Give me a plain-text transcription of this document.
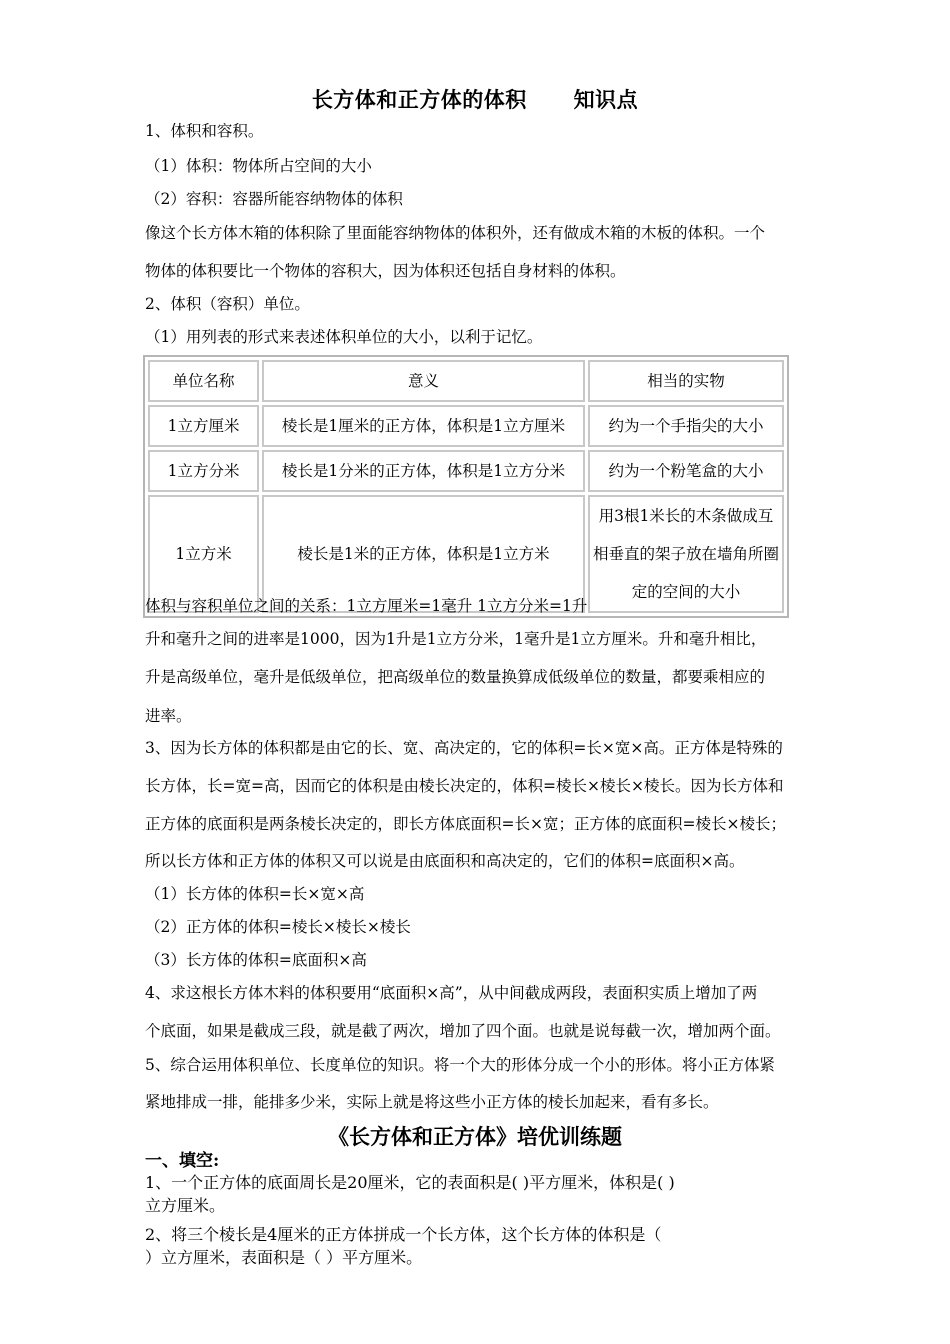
长方体和正方体的体积      知识点
1、体积和容积。
（1）体积：物体所占空间的大小
（2）容积：容器所能容纳物体的体积
像这个长方体木箱的体积除了里面能容纳物体的体积外，还有做成木箱的木板的体积。一个
物体的体积要比一个物体的容积大，因为体积还包括自身材料的体积。
2、体积（容积）单位。
（1）用列表的形式来表述体积单位的大小，以利于记忆。
单位名称	意义	相当的实物
1立方厘米	棱长是1厘米的正方体，体积是1立方厘米	约为一个手指尖的大小
1立方分米	棱长是1分米的正方体，体积是1立方分米	约为一个粉笔盒的大小
1立方米	棱长是1米的正方体，体积是1立方米	用3根1米长的木条做成互相垂直的架子放在墙角所圈定的空间的大小
体积与容积单位之间的关系：1立方厘米=1毫升 1立方分米=1升
升和毫升之间的进率是1000，因为1升是1立方分米，1毫升是1立方厘米。升和毫升相比，
升是高级单位，毫升是低级单位，把高级单位的数量换算成低级单位的数量，都要乘相应的
进率。
3、因为长方体的体积都是由它的长、宽、高决定的，它的体积=长×宽×高。正方体是特殊的
长方体，长=宽=高，因而它的体积是由棱长决定的，体积=棱长×棱长×棱长。因为长方体和
正方体的底面积是两条棱长决定的，即长方体底面积=长×宽；正方体的底面积=棱长×棱长；
所以长方体和正方体的体积又可以说是由底面积和高决定的，它们的体积=底面积×高。
（1）长方体的体积=长×宽×高
（2）正方体的体积=棱长×棱长×棱长
（3）长方体的体积=底面积×高
4、求这根长方体木料的体积要用“底面积×高”，从中间截成两段，表面积实质上增加了两
个底面，如果是截成三段，就是截了两次，增加了四个面。也就是说每截一次，增加两个面。
5、综合运用体积单位、长度单位的知识。将一个大的形体分成一个小的形体。将小正方体紧
紧地排成一排，能排多少米，实际上就是将这些小正方体的棱长加起来，看有多长。
《长方体和正方体》培优训练题
一、填空:
1、一个正方体的底面周长是20厘米，它的表面积是( )平方厘米，体积是( )
立方厘米。
2、将三个棱长是4厘米的正方体拼成一个长方体，这个长方体的体积是（
）立方厘米，表面积是（ ）平方厘米。
